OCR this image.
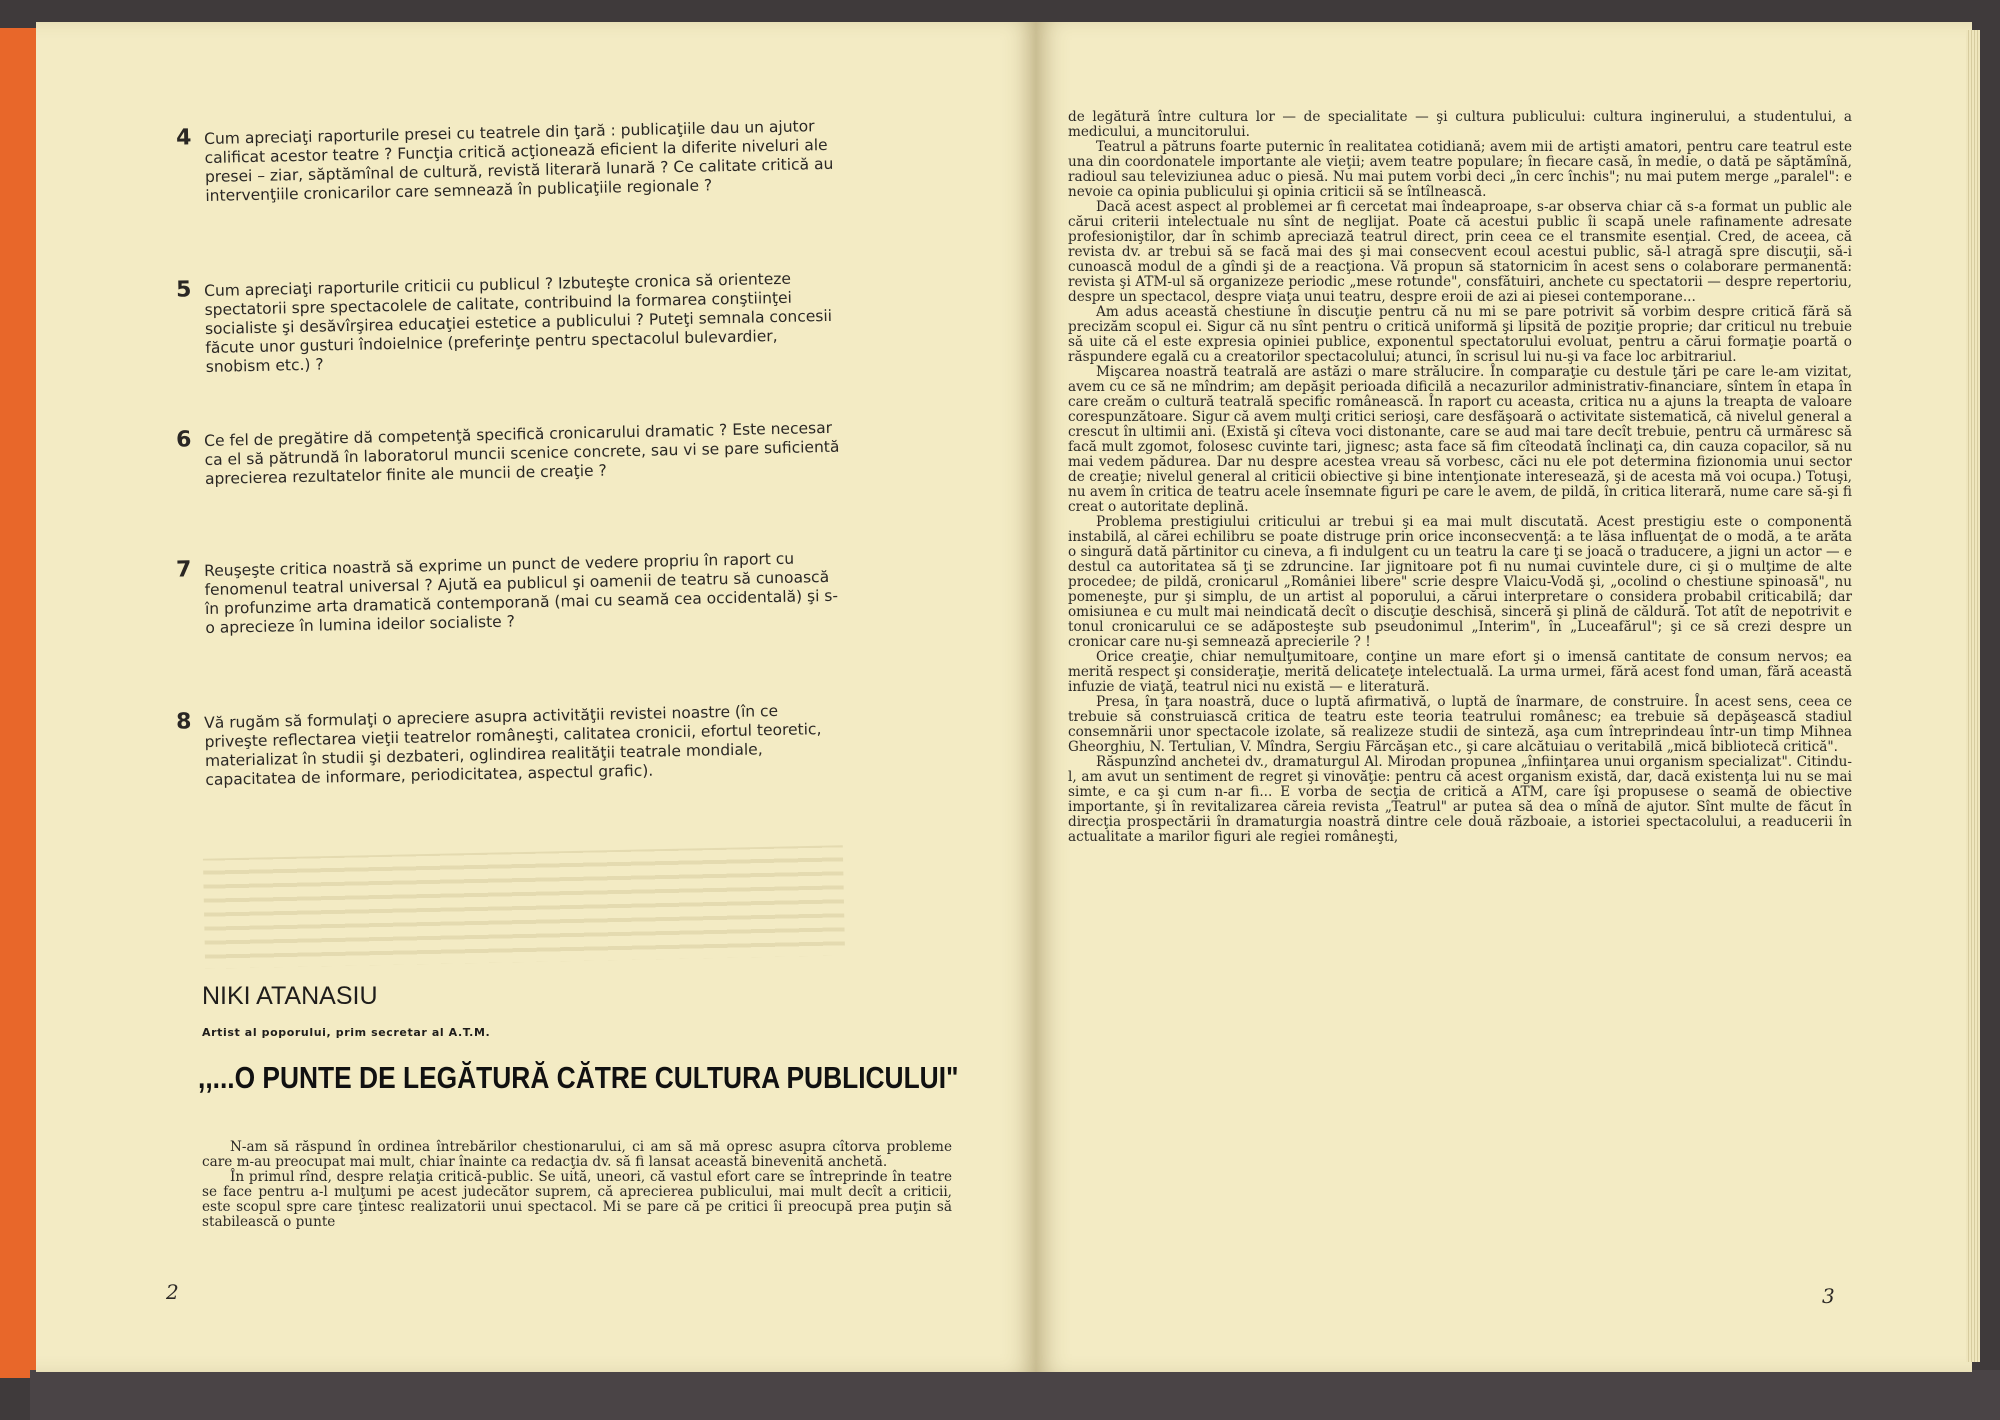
4 Cum apreciaţi raporturile presei cu teatrele din ţară : publicaţiile dau un ajutor calificat acestor teatre ? Funcţia critică acţionează eficient la diferite niveluri ale presei – ziar, săptămînal de cultură, revistă literară lunară ? Ce calitate critică au intervenţiile cronicarilor care semnează în publicaţiile regionale ?
5 Cum apreciaţi raporturile criticii cu publicul ? Izbuteşte cronica să orienteze spectatorii spre spectacolele de calitate, contribuind la formarea conştiinţei socialiste şi desăvîrşirea educaţiei estetice a publicului ? Puteţi semnala concesii făcute unor gusturi îndoielnice (preferinţe pentru spectacolul bulevardier, snobism etc.) ?
6 Ce fel de pregătire dă competenţă specifică cronicarului dramatic ? Este necesar ca el să pătrundă în laboratorul muncii scenice concrete, sau vi se pare suficientă aprecierea rezultatelor finite ale muncii de creaţie ?
7 Reuşeşte critica noastră să exprime un punct de vedere propriu în raport cu fenomenul teatral universal ? Ajută ea publicul şi oamenii de teatru să cunoască în profunzime arta dramatică contemporană (mai cu seamă cea occidentală) şi s-o aprecieze în lumina ideilor socialiste ?
8 Vă rugăm să formulaţi o apreciere asupra activităţii revistei noastre (în ce priveşte reflectarea vieţii teatrelor româneşti, calitatea cronicii, efortul teoretic, materializat în studii şi dezbateri, oglindirea realităţii teatrale mondiale, capacitatea de informare, periodicitatea, aspectul grafic).
NIKI ATANASIU
Artist al poporului, prim secretar al A.T.M.
,,...O PUNTE DE LEGĂTURĂ CĂTRE CULTURA PUBLICULUI"

N-am să răspund în ordinea întrebărilor chestionarului, ci am să mă opresc asupra cîtorva probleme care m-au preocupat mai mult, chiar înainte ca redacţia dv. să fi lansat această binevenită anchetă.

În primul rînd, despre relaţia critică-public. Se uită, uneori, că vastul efort care se întreprinde în teatre se face pentru a-l mulţumi pe acest judecător suprem, că aprecierea publicului, mai mult decît a criticii, este scopul spre care ţintesc realizatorii unui spectacol. Mi se pare că pe critici îi preocupă prea puţin să stabilească o punte

2

de legătură între cultura lor — de specialitate — şi cultura publicului: cultura inginerului, a studentului, a medicului, a muncitorului.

Teatrul a pătruns foarte puternic în realitatea cotidiană; avem mii de artişti amatori, pentru care teatrul este una din coordonatele importante ale vieţii; avem teatre populare; în fiecare casă, în medie, o dată pe săptămînă, radioul sau televiziunea aduc o piesă. Nu mai putem vorbi deci „în cerc închis"; nu mai putem merge „paralel": e nevoie ca opinia publicului şi opinia criticii să se întîlnească.

Dacă acest aspect al problemei ar fi cercetat mai îndeaproape, s-ar observa chiar că s-a format un public ale cărui criterii intelectuale nu sînt de neglijat. Poate că acestui public îi scapă unele rafinamente adresate profesioniştilor, dar în schimb apreciază teatrul direct, prin ceea ce el transmite esenţial. Cred, de aceea, că revista dv. ar trebui să se facă mai des şi mai consecvent ecoul acestui public, să-l atragă spre discuţii, să-i cunoască modul de a gîndi şi de a reacţiona. Vă propun să statornicim în acest sens o colaborare permanentă: revista şi ATM-ul să organizeze periodic „mese rotunde", consfătuiri, anchete cu spectatorii — despre repertoriu, despre un spectacol, despre viaţa unui teatru, despre eroii de azi ai piesei contemporane...

Am adus această chestiune în discuţie pentru că nu mi se pare potrivit să vorbim despre critică fără să precizăm scopul ei. Sigur că nu sînt pentru o critică uniformă şi lipsită de poziţie proprie; dar criticul nu trebuie să uite că el este expresia opiniei publice, exponentul spectatorului evoluat, pentru a cărui formaţie poartă o răspundere egală cu a creatorilor spectacolului; atunci, în scrisul lui nu-şi va face loc arbitrariul.

Mişcarea noastră teatrală are astăzi o mare strălucire. În comparaţie cu destule ţări pe care le-am vizitat, avem cu ce să ne mîndrim; am depăşit perioada dificilă a necazurilor administrativ-financiare, sîntem în etapa în care creăm o cultură teatrală specific românească. În raport cu aceasta, critica nu a ajuns la treapta de valoare corespunzătoare. Sigur că avem mulţi critici serioşi, care desfăşoară o activitate sistematică, că nivelul general a crescut în ultimii ani. (Există şi cîteva voci distonante, care se aud mai tare decît trebuie, pentru că urmăresc să facă mult zgomot, folosesc cuvinte tari, jignesc; asta face să fim cîteodată înclinaţi ca, din cauza copacilor, să nu mai vedem pădurea. Dar nu despre acestea vreau să vorbesc, căci nu ele pot determina fizionomia unui sector de creaţie; nivelul general al criticii obiective şi bine intenţionate interesează, şi de acesta mă voi ocupa.) Totuşi, nu avem în critica de teatru acele însemnate figuri pe care le avem, de pildă, în critica literară, nume care să-şi fi creat o autoritate deplină.

Problema prestigiului criticului ar trebui şi ea mai mult discutată. Acest prestigiu este o componentă instabilă, al cărei echilibru se poate distruge prin orice inconsecvenţă: a te lăsa influenţat de o modă, a te arăta o singură dată părtinitor cu cineva, a fi indulgent cu un teatru la care ţi se joacă o traducere, a jigni un actor — e destul ca autoritatea să ţi se zdruncine. Iar jignitoare pot fi nu numai cuvintele dure, ci şi o mulţime de alte procedee; de pildă, cronicarul „României libere" scrie despre Vlaicu-Vodă şi, „ocolind o chestiune spinoasă", nu pomeneşte, pur şi simplu, de un artist al poporului, a cărui interpretare o considera probabil criticabilă; dar omisiunea e cu mult mai neindicată decît o discuţie deschisă, sinceră şi plină de căldură. Tot atît de nepotrivit e tonul cronicarului ce se adăposteşte sub pseudonimul „Interim", în „Luceafărul"; şi ce să crezi despre un cronicar care nu-şi semnează aprecierile ? !

Orice creaţie, chiar nemulţumitoare, conţine un mare efort şi o imensă cantitate de consum nervos; ea merită respect şi consideraţie, merită delicateţe intelectuală. La urma urmei, fără acest fond uman, fără această infuzie de viaţă, teatrul nici nu există — e literatură.

Presa, în ţara noastră, duce o luptă afirmativă, o luptă de înarmare, de construire. În acest sens, ceea ce trebuie să construiască critica de teatru este teoria teatrului românesc; ea trebuie să depăşească stadiul consemnării unor spectacole izolate, să realizeze studii de sinteză, aşa cum întreprindeau într-un timp Mihnea Gheorghiu, N. Tertulian, V. Mîndra, Sergiu Fărcăşan etc., şi care alcătuiau o veritabilă „mică bibliotecă critică".

Răspunzînd anchetei dv., dramaturgul Al. Mirodan propunea „înfiinţarea unui organism specializat". Citindu-l, am avut un sentiment de regret şi vinovăţie: pentru că acest organism există, dar, dacă existenţa lui nu se mai simte, e ca şi cum n-ar fi... E vorba de secţia de critică a ATM, care îşi propusese o seamă de obiective importante, şi în revitalizarea căreia revista „Teatrul" ar putea să dea o mînă de ajutor. Sînt multe de făcut în direcţia prospectării în dramaturgia noastră dintre cele două războaie, a istoriei spectacolului, a readucerii în actualitate a marilor figuri ale regiei româneşti,

3
